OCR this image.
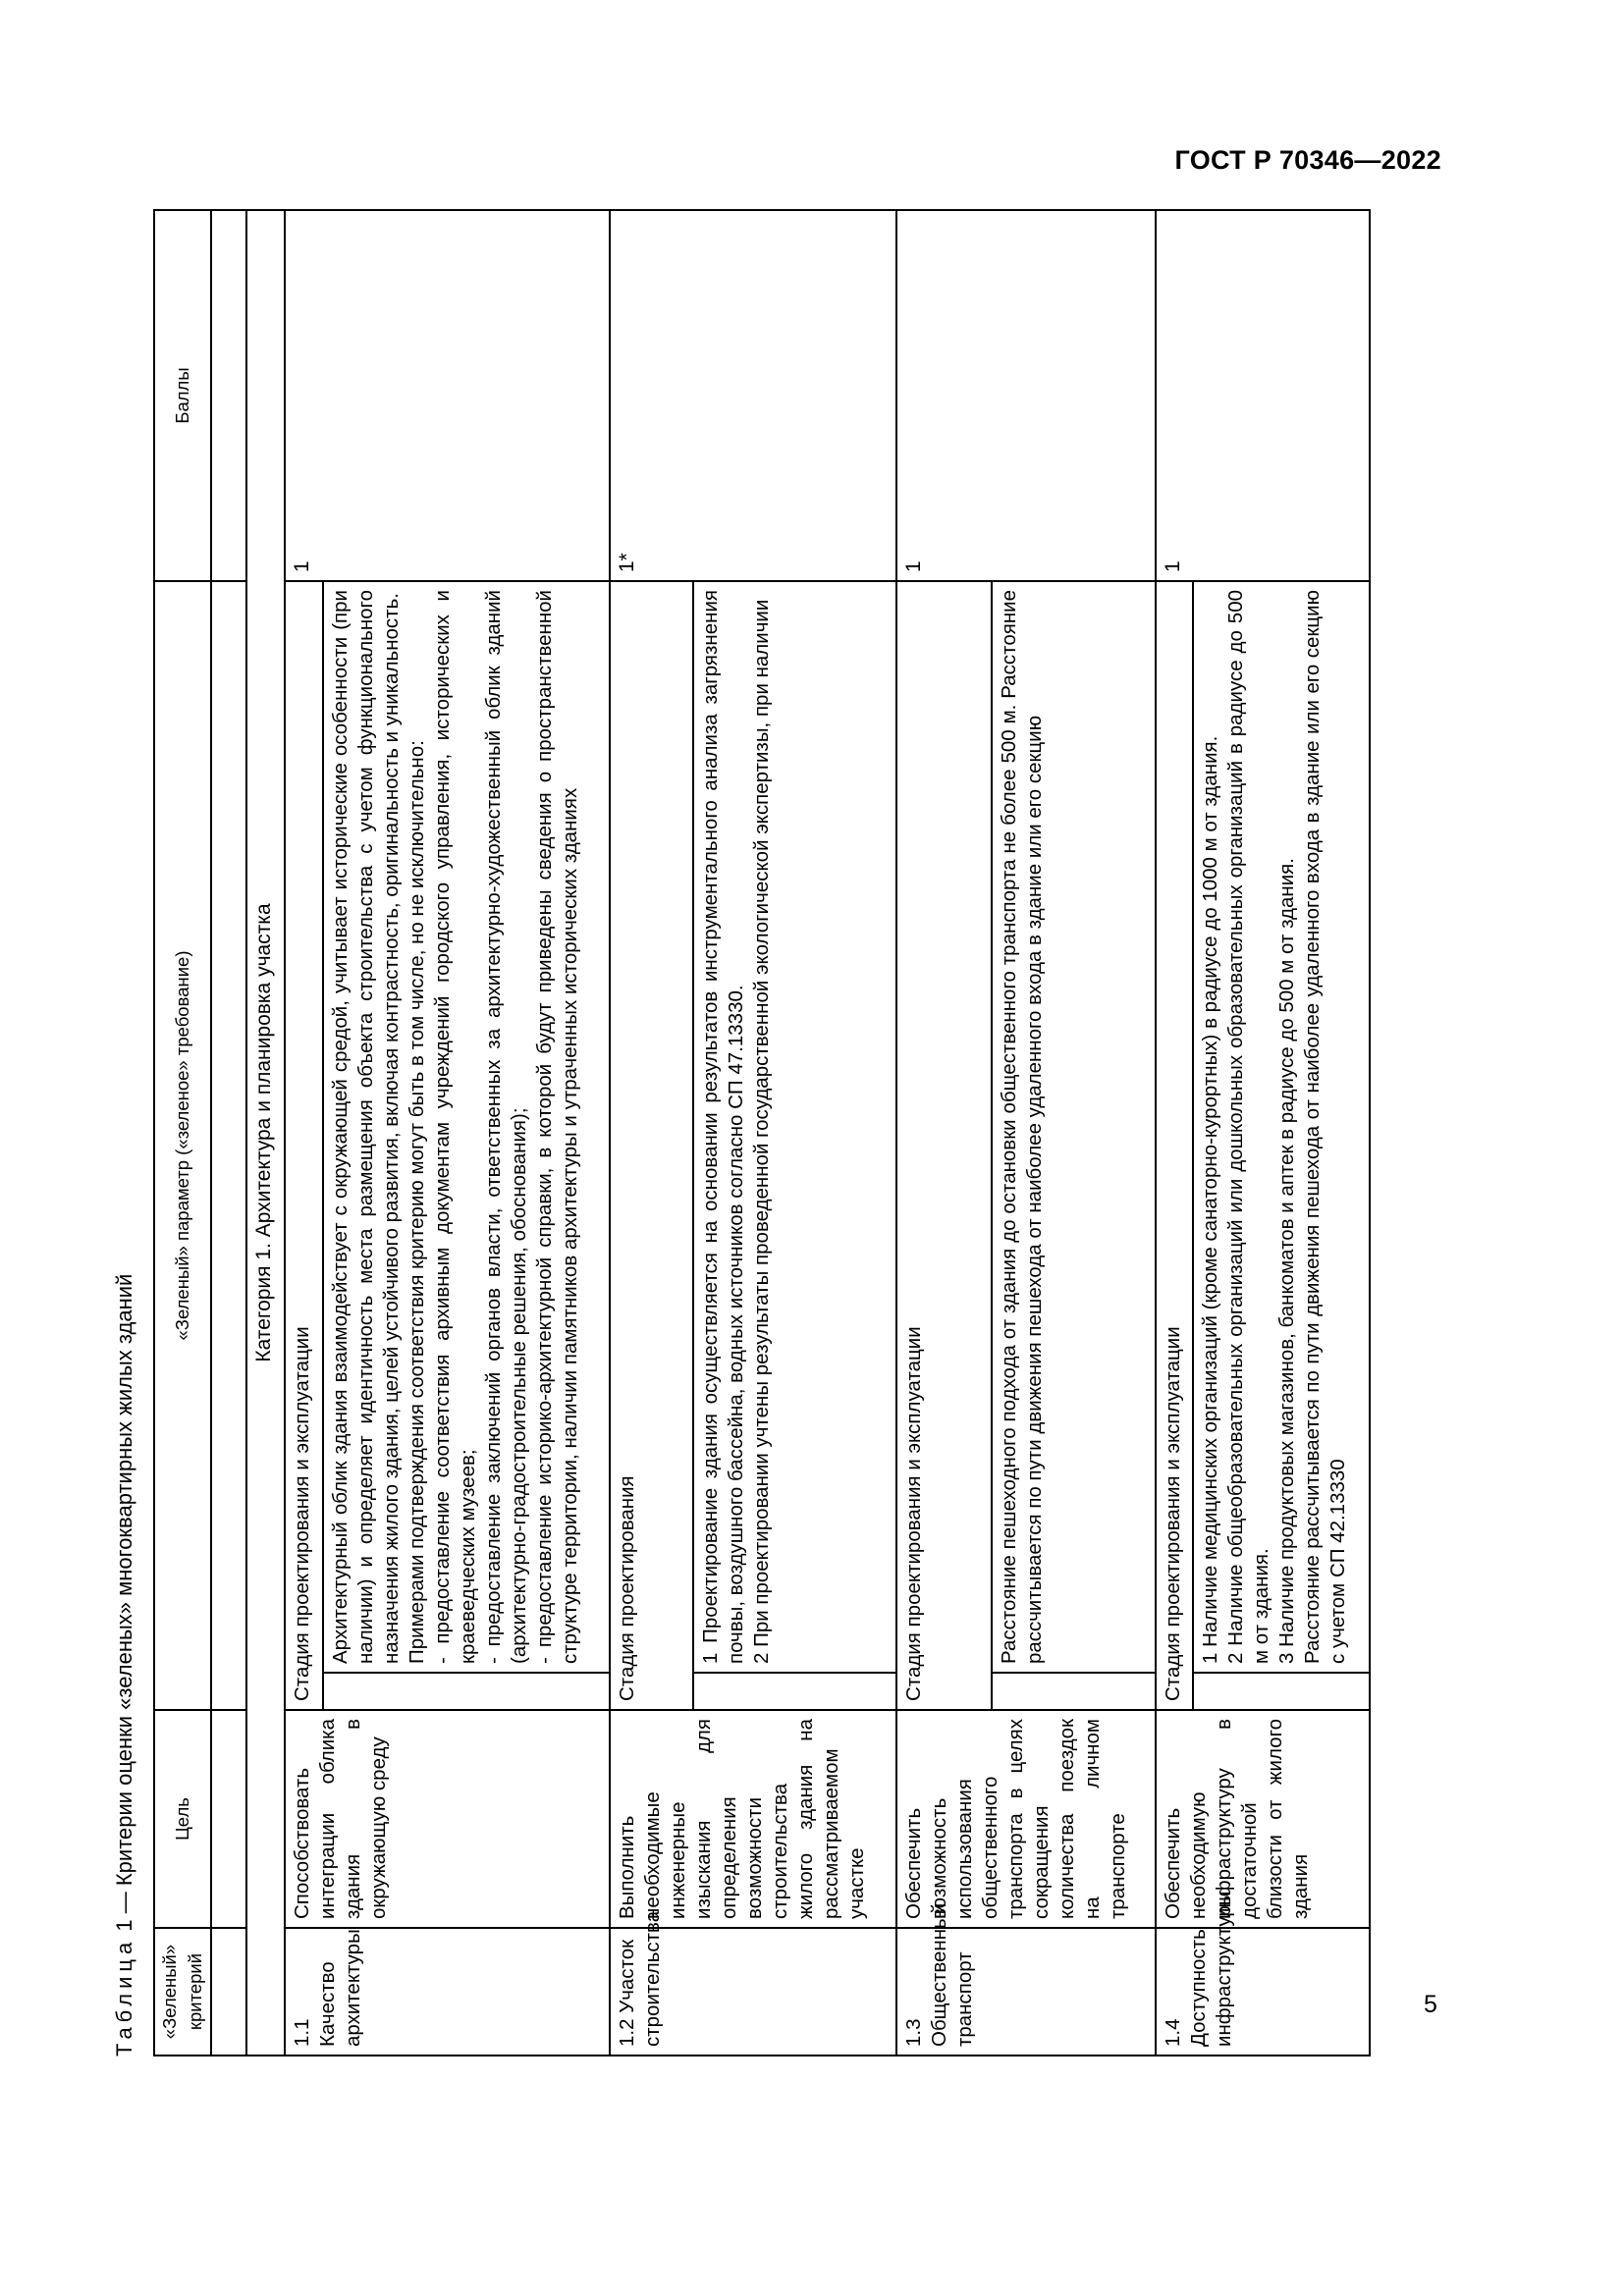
ГОСТ Р 70346—2022
Таблица 1 — Критерии оценки «зеленых» многоквартирных жилых зданий
«Зеленый» критерий	Цель	«Зеленый» параметр («зеленое» требование)		Баллы

Категория 1. Архитектура и планировка участка				
1.1 Качество архитектуры	Способствовать интеграции облика здания в окружающую среду	Стадия проектирования и эксплуатации		1

			Архитектурный облик здания взаимодействует с окружающей средой, учитывает исторические особенности (при наличии) и определяет идентичность места размещения объекта строительства с учетом функционального назначения жилого здания, целей устойчивого развития, включая контрастность, оригинальность и уникальность. Примерами подтверждения соответствия критерию могут быть в том числе, но не исключительно: - предоставление соответствия архивным документам учреждений городского управления, исторических и краеведческих музеев; - предоставление заключений органов власти, ответственных за архитектурно-художественный облик зданий (архитектурно-градостроительные решения, обоснования); - предоставление историко-архитектурной справки, в которой будут приведены сведения о пространственной структуре территории, наличии памятников архитектуры и утраченных исторических зданиях	

1.2 Участок строительства	Выполнить необходимые инженерные изыскания для определения возможности строительства жилого здания на рассматриваемом участке	Стадия проектирования		1*

			1 Проектирование здания осуществляется на основании результатов инструментального анализа загрязнения почвы, воздушного бассейна, водных источников согласно СП 47.13330. 2 При проектировании учтены результаты проведенной государственной экологической экспертизы, при наличии	

1.3 Общественный транспорт	Обеспечить возможность использования общественного транспорта в целях сокращения количества поездок на личном транспорте	Стадия проектирования и эксплуатации		1

			Расстояние пешеходного подхода от здания до остановки общественного транспорта не более 500 м. Расстояние рассчитывается по пути движения пешехода от наиболее удаленного входа в здание или его секцию	

1.4 Доступность инфраструктуры	Обеспечить необходимую инфраструктуру в достаточной близости от жилого здания	Стадия проектирования и эксплуатации		1

			1 Наличие медицинских организаций (кроме санаторно-курортных) в радиусе до 1000 м от здания. 2 Наличие общеобразовательных организаций или дошкольных образовательных организаций в радиусе до 500 м от здания. 3 Наличие продуктовых магазинов, банкоматов и аптек в радиусе до 500 м от здания. Расстояние рассчитывается по пути движения пешехода от наиболее удаленного входа в здание или его секцию с учетом СП 42.13330	
5
